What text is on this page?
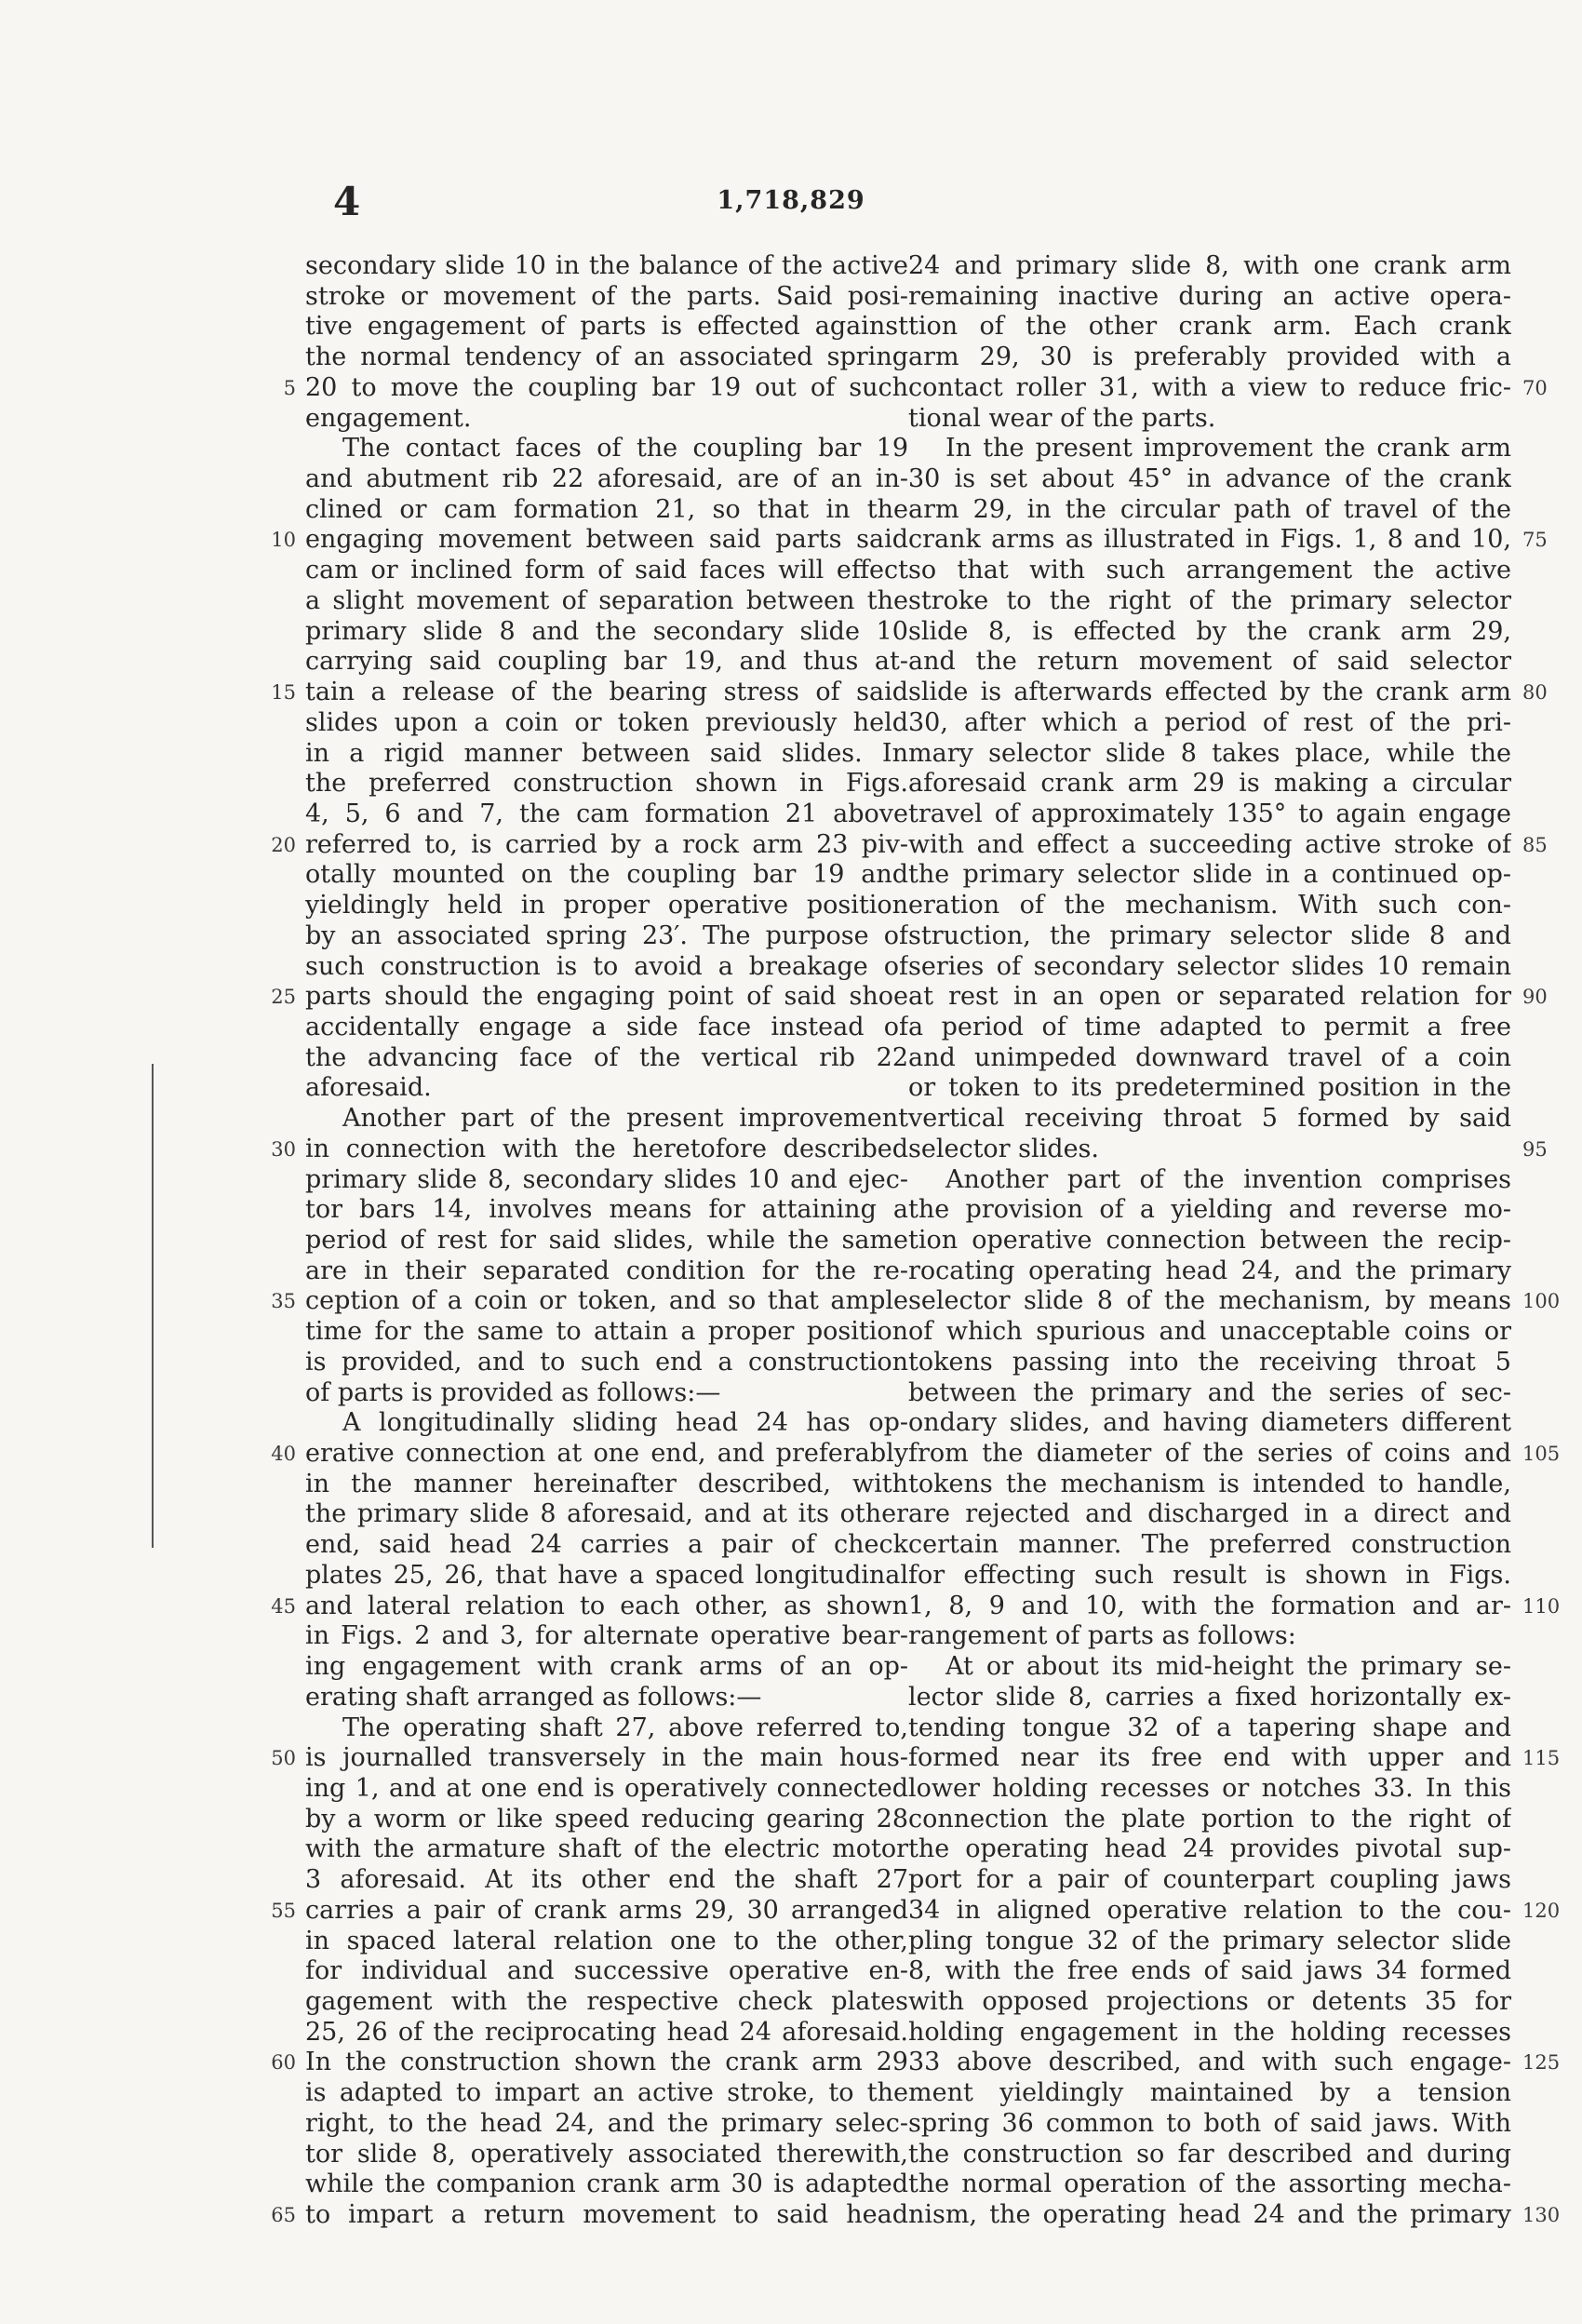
4	1,718,829
secondary slide 10 in the balance of the active
stroke or movement of the parts. Said posi-
tive engagement of parts is effected against
the normal tendency of an associated spring
20 to move the coupling bar 19 out of such
engagement.
The contact faces of the coupling bar 19
and abutment rib 22 aforesaid, are of an in-
clined or cam formation 21, so that in the
engaging movement between said parts said
cam or inclined form of said faces will effect
a slight movement of separation between the
primary slide 8 and the secondary slide 10
carrying said coupling bar 19, and thus at-
tain a release of the bearing stress of said
slides upon a coin or token previously held
in a rigid manner between said slides. In
the preferred construction shown in Figs.
4, 5, 6 and 7, the cam formation 21 above
referred to, is carried by a rock arm 23 piv-
otally mounted on the coupling bar 19 and
yieldingly held in proper operative position
by an associated spring 23′. The purpose of
such construction is to avoid a breakage of
parts should the engaging point of said shoe
accidentally engage a side face instead of
the advancing face of the vertical rib 22
aforesaid.
Another part of the present improvement
in connection with the heretofore described
primary slide 8, secondary slides 10 and ejec-
tor bars 14, involves means for attaining a
period of rest for said slides, while the same
are in their separated condition for the re-
ception of a coin or token, and so that ample
time for the same to attain a proper position
is provided, and to such end a construction
of parts is provided as follows:—
A longitudinally sliding head 24 has op-
erative connection at one end, and preferably
in the manner hereinafter described, with
the primary slide 8 aforesaid, and at its other
end, said head 24 carries a pair of check
plates 25, 26, that have a spaced longitudinal
and lateral relation to each other, as shown
in Figs. 2 and 3, for alternate operative bear-
ing engagement with crank arms of an op-
erating shaft arranged as follows:—
The operating shaft 27, above referred to,
is journalled transversely in the main hous-
ing 1, and at one end is operatively connected
by a worm or like speed reducing gearing 28
with the armature shaft of the electric motor
3 aforesaid. At its other end the shaft 27
carries a pair of crank arms 29, 30 arranged
in spaced lateral relation one to the other,
for individual and successive operative en-
gagement with the respective check plates
25, 26 of the reciprocating head 24 aforesaid.
In the construction shown the crank arm 29
is adapted to impart an active stroke, to the
right, to the head 24, and the primary selec-
tor slide 8, operatively associated therewith,
while the companion crank arm 30 is adapted
to impart a return movement to said head
24 and primary slide 8, with one crank arm
remaining inactive during an active opera-
tion of the other crank arm. Each crank
arm 29, 30 is preferably provided with a
contact roller 31, with a view to reduce fric-
tional wear of the parts.
In the present improvement the crank arm
30 is set about 45° in advance of the crank
arm 29, in the circular path of travel of the
crank arms as illustrated in Figs. 1, 8 and 10,
so that with such arrangement the active
stroke to the right of the primary selector
slide 8, is effected by the crank arm 29,
and the return movement of said selector
slide is afterwards effected by the crank arm
30, after which a period of rest of the pri-
mary selector slide 8 takes place, while the
aforesaid crank arm 29 is making a circular
travel of approximately 135° to again engage
with and effect a succeeding active stroke of
the primary selector slide in a continued op-
eration of the mechanism. With such con-
struction, the primary selector slide 8 and
series of secondary selector slides 10 remain
at rest in an open or separated relation for
a period of time adapted to permit a free
and unimpeded downward travel of a coin
or token to its predetermined position in the
vertical receiving throat 5 formed by said
selector slides.
Another part of the invention comprises
the provision of a yielding and reverse mo-
tion operative connection between the recip-
rocating operating head 24, and the primary
selector slide 8 of the mechanism, by means
of which spurious and unacceptable coins or
tokens passing into the receiving throat 5
between the primary and the series of sec-
ondary slides, and having diameters different
from the diameter of the series of coins and
tokens the mechanism is intended to handle,
are rejected and discharged in a direct and
certain manner. The preferred construction
for effecting such result is shown in Figs.
1, 8, 9 and 10, with the formation and ar-
rangement of parts as follows:
At or about its mid-height the primary se-
lector slide 8, carries a fixed horizontally ex-
tending tongue 32 of a tapering shape and
formed near its free end with upper and
lower holding recesses or notches 33. In this
connection the plate portion to the right of
the operating head 24 provides pivotal sup-
port for a pair of counterpart coupling jaws
34 in aligned operative relation to the cou-
pling tongue 32 of the primary selector slide
8, with the free ends of said jaws 34 formed
with opposed projections or detents 35 for
holding engagement in the holding recesses
33 above described, and with such engage-
ment yieldingly maintained by a tension
spring 36 common to both of said jaws. With
the construction so far described and during
the normal operation of the assorting mecha-
nism, the operating head 24 and the primary
5
10
15
20
25
30
35
40
45
50
55
60
65
70
75
80
85
90
95
100
105
110
115
120
125
130
